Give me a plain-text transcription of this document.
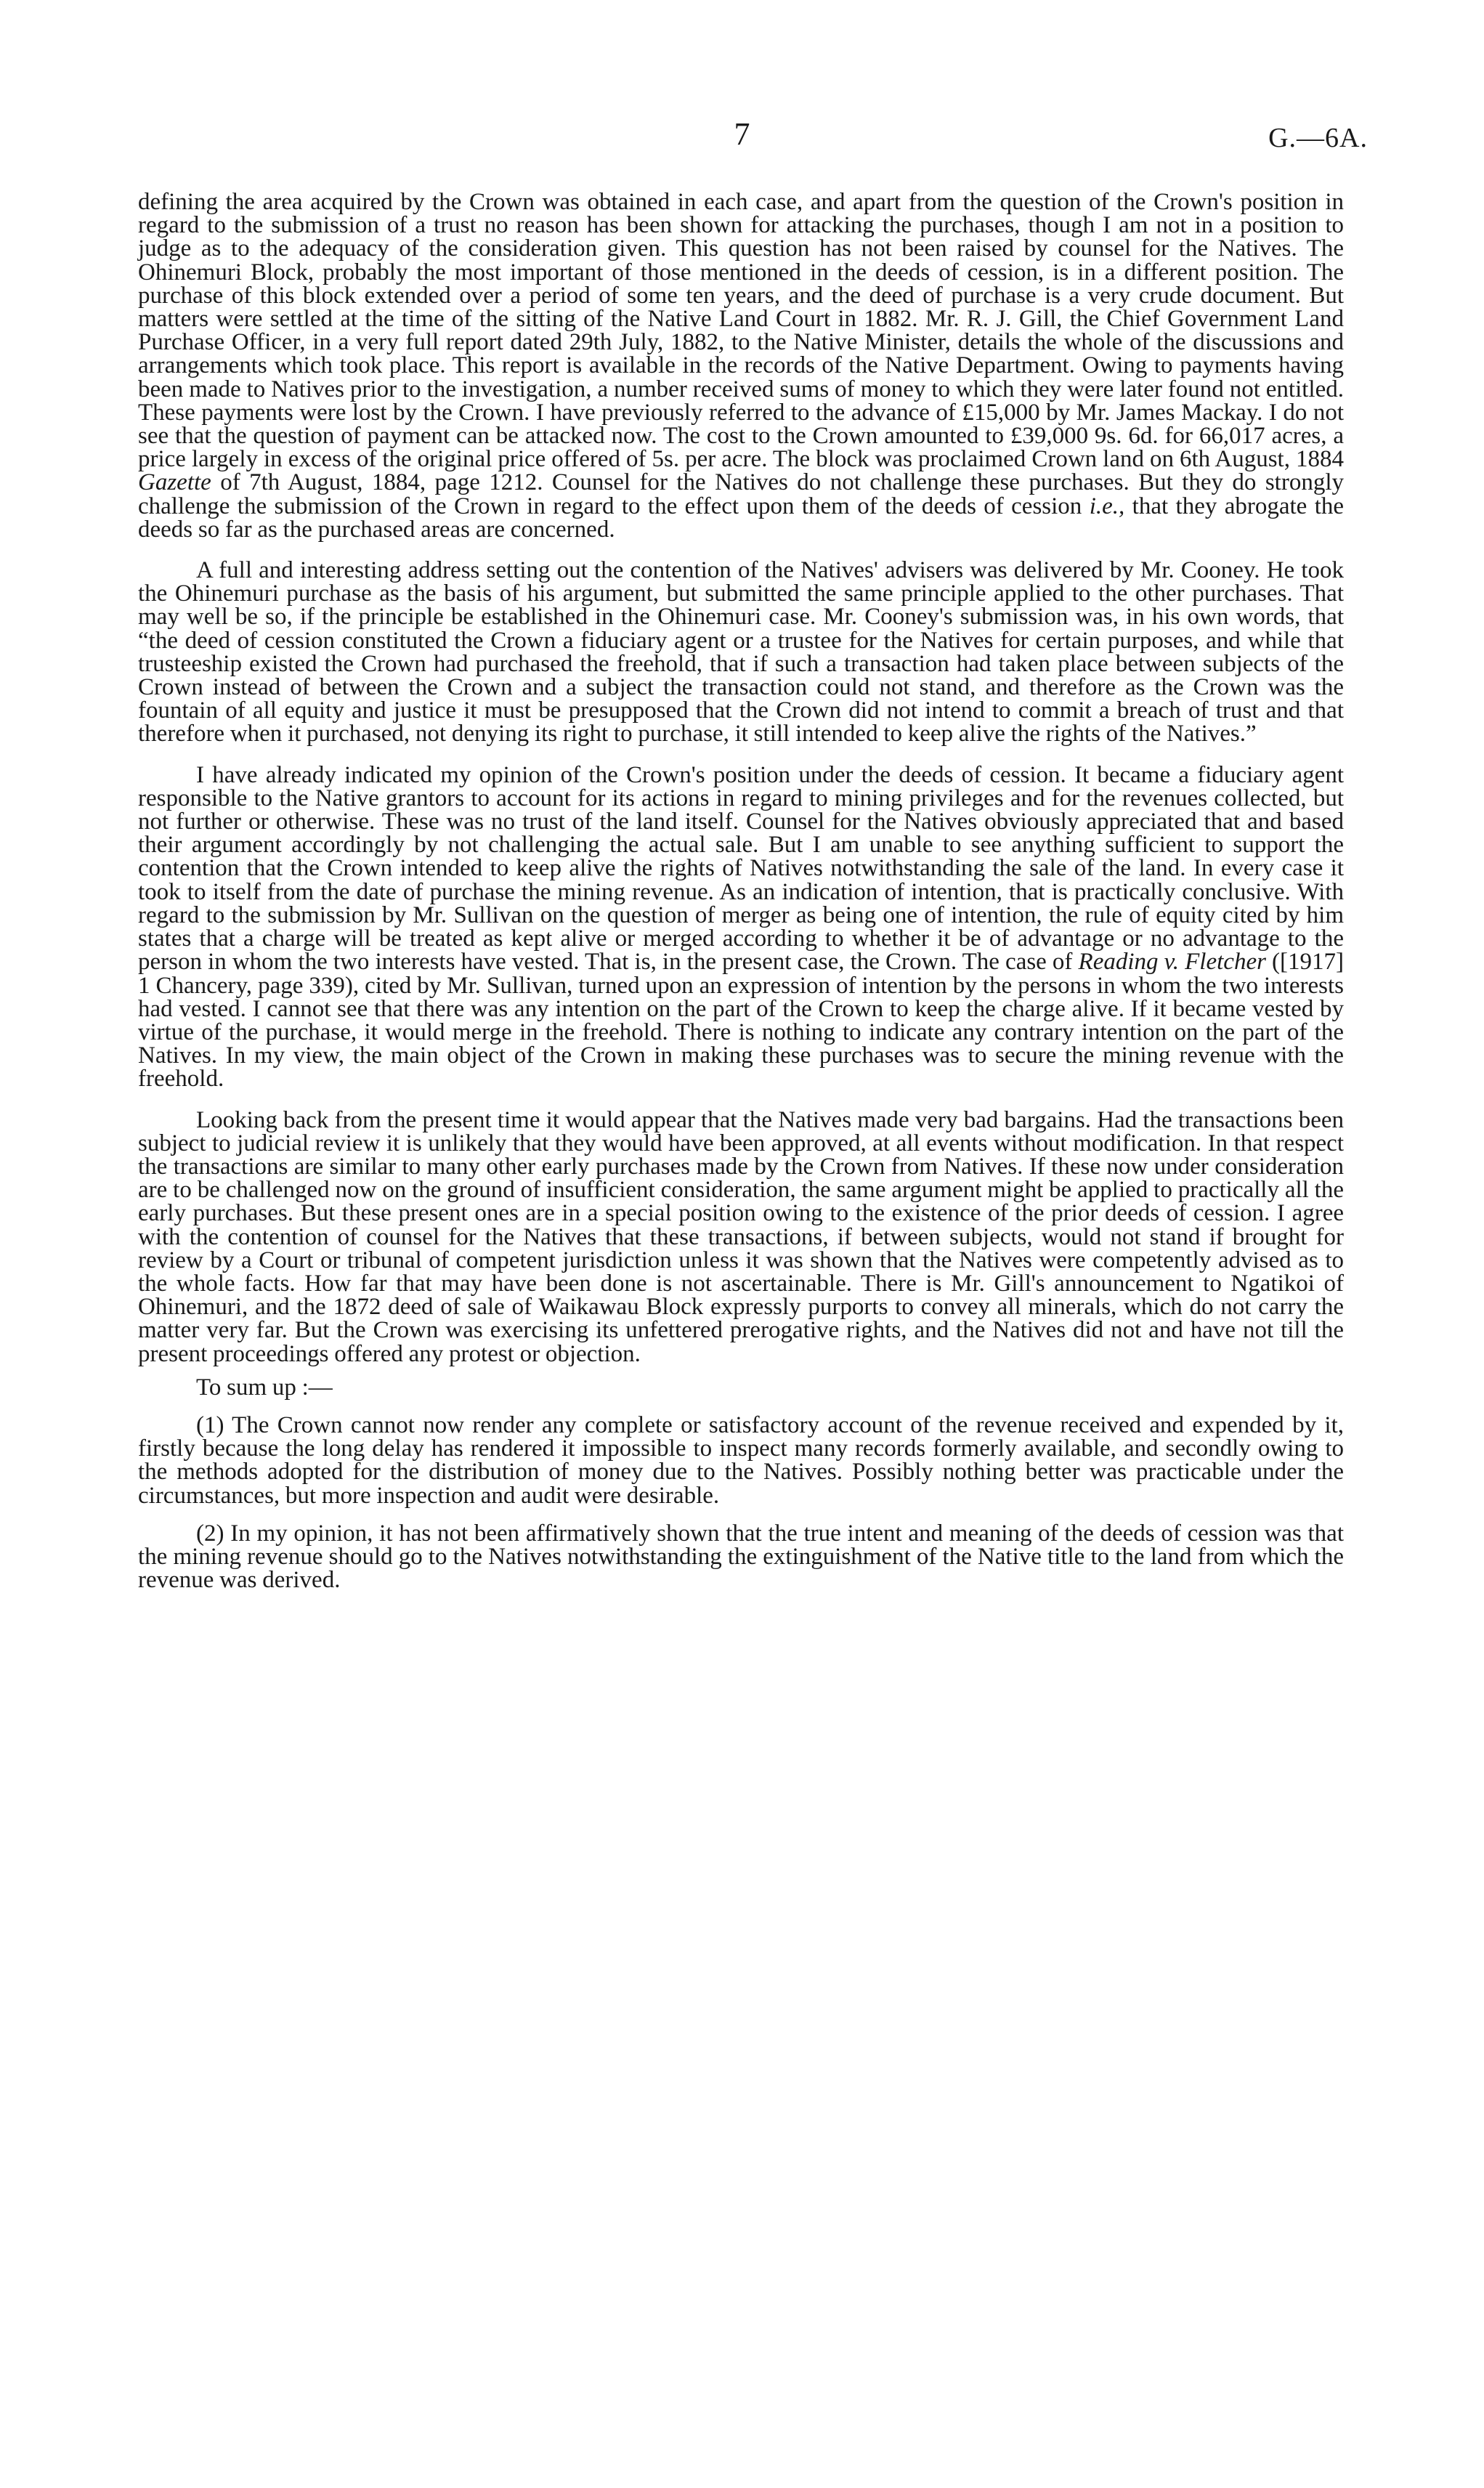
7	G.—6A.

defining the area acquired by the Crown was obtained in each case, and apart from the question of the Crown's position in regard to the submission of a trust no reason has been shown for attacking the purchases, though I am not in a position to judge as to the adequacy of the consideration given. This question has not been raised by counsel for the Natives. The Ohinemuri Block, probably the most important of those mentioned in the deeds of cession, is in a different position. The purchase of this block extended over a period of some ten years, and the deed of purchase is a very crude document. But matters were settled at the time of the sitting of the Native Land Court in 1882. Mr. R. J. Gill, the Chief Government Land Purchase Officer, in a very full report dated 29th July, 1882, to the Native Minister, details the whole of the discussions and arrangements which took place. This report is available in the records of the Native Department. Owing to payments having been made to Natives prior to the investigation, a number received sums of money to which they were later found not entitled. These payments were lost by the Crown. I have previously referred to the advance of £15,000 by Mr. James Mackay. I do not see that the question of payment can be attacked now. The cost to the Crown amounted to £39,000 9s. 6d. for 66,017 acres, a price largely in excess of the original price offered of 5s. per acre. The block was proclaimed Crown land on 6th August, 1884 Gazette of 7th August, 1884, page 1212. Counsel for the Natives do not challenge these purchases. But they do strongly challenge the submission of the Crown in regard to the effect upon them of the deeds of cession i.e., that they abrogate the deeds so far as the purchased areas are concerned.

A full and interesting address setting out the contention of the Natives' advisers was delivered by Mr. Cooney. He took the Ohinemuri purchase as the basis of his argument, but submitted the same principle applied to the other purchases. That may well be so, if the principle be established in the Ohinemuri case. Mr. Cooney's submission was, in his own words, that “the deed of cession constituted the Crown a fiduciary agent or a trustee for the Natives for certain purposes, and while that trusteeship existed the Crown had purchased the freehold, that if such a transaction had taken place between subjects of the Crown instead of between the Crown and a subject the transaction could not stand, and therefore as the Crown was the fountain of all equity and justice it must be presupposed that the Crown did not intend to commit a breach of trust and that therefore when it purchased, not denying its right to purchase, it still intended to keep alive the rights of the Natives.”

I have already indicated my opinion of the Crown's position under the deeds of cession. It became a fiduciary agent responsible to the Native grantors to account for its actions in regard to mining privileges and for the revenues collected, but not further or otherwise. These was no trust of the land itself. Counsel for the Natives obviously appreciated that and based their argument accordingly by not challenging the actual sale. But I am unable to see anything sufficient to support the contention that the Crown intended to keep alive the rights of Natives notwithstanding the sale of the land. In every case it took to itself from the date of purchase the mining revenue. As an indication of intention, that is practically conclusive. With regard to the submission by Mr. Sullivan on the question of merger as being one of intention, the rule of equity cited by him states that a charge will be treated as kept alive or merged according to whether it be of advantage or no advantage to the person in whom the two interests have vested. That is, in the present case, the Crown. The case of Reading v. Fletcher ([1917] 1 Chancery, page 339), cited by Mr. Sullivan, turned upon an expression of intention by the persons in whom the two interests had vested. I cannot see that there was any intention on the part of the Crown to keep the charge alive. If it became vested by virtue of the purchase, it would merge in the freehold. There is nothing to indicate any contrary intention on the part of the Natives. In my view, the main object of the Crown in making these purchases was to secure the mining revenue with the freehold.

Looking back from the present time it would appear that the Natives made very bad bargains. Had the transactions been subject to judicial review it is unlikely that they would have been approved, at all events without modification. In that respect the transactions are similar to many other early purchases made by the Crown from Natives. If these now under consideration are to be challenged now on the ground of insufficient consideration, the same argument might be applied to practically all the early purchases. But these present ones are in a special position owing to the existence of the prior deeds of cession. I agree with the contention of counsel for the Natives that these transactions, if between subjects, would not stand if brought for review by a Court or tribunal of competent jurisdiction unless it was shown that the Natives were competently advised as to the whole facts. How far that may have been done is not ascertainable. There is Mr. Gill's announcement to Ngatikoi of Ohinemuri, and the 1872 deed of sale of Waikawau Block expressly purports to convey all minerals, which do not carry the matter very far. But the Crown was exercising its unfettered prerogative rights, and the Natives did not and have not till the present proceedings offered any protest or objection.

To sum up :—

(1) The Crown cannot now render any complete or satisfactory account of the revenue received and expended by it, firstly because the long delay has rendered it impossible to inspect many records formerly available, and secondly owing to the methods adopted for the distribution of money due to the Natives. Possibly nothing better was practicable under the circumstances, but more inspection and audit were desirable.

(2) In my opinion, it has not been affirmatively shown that the true intent and meaning of the deeds of cession was that the mining revenue should go to the Natives notwithstanding the extinguishment of the Native title to the land from which the revenue was derived.
